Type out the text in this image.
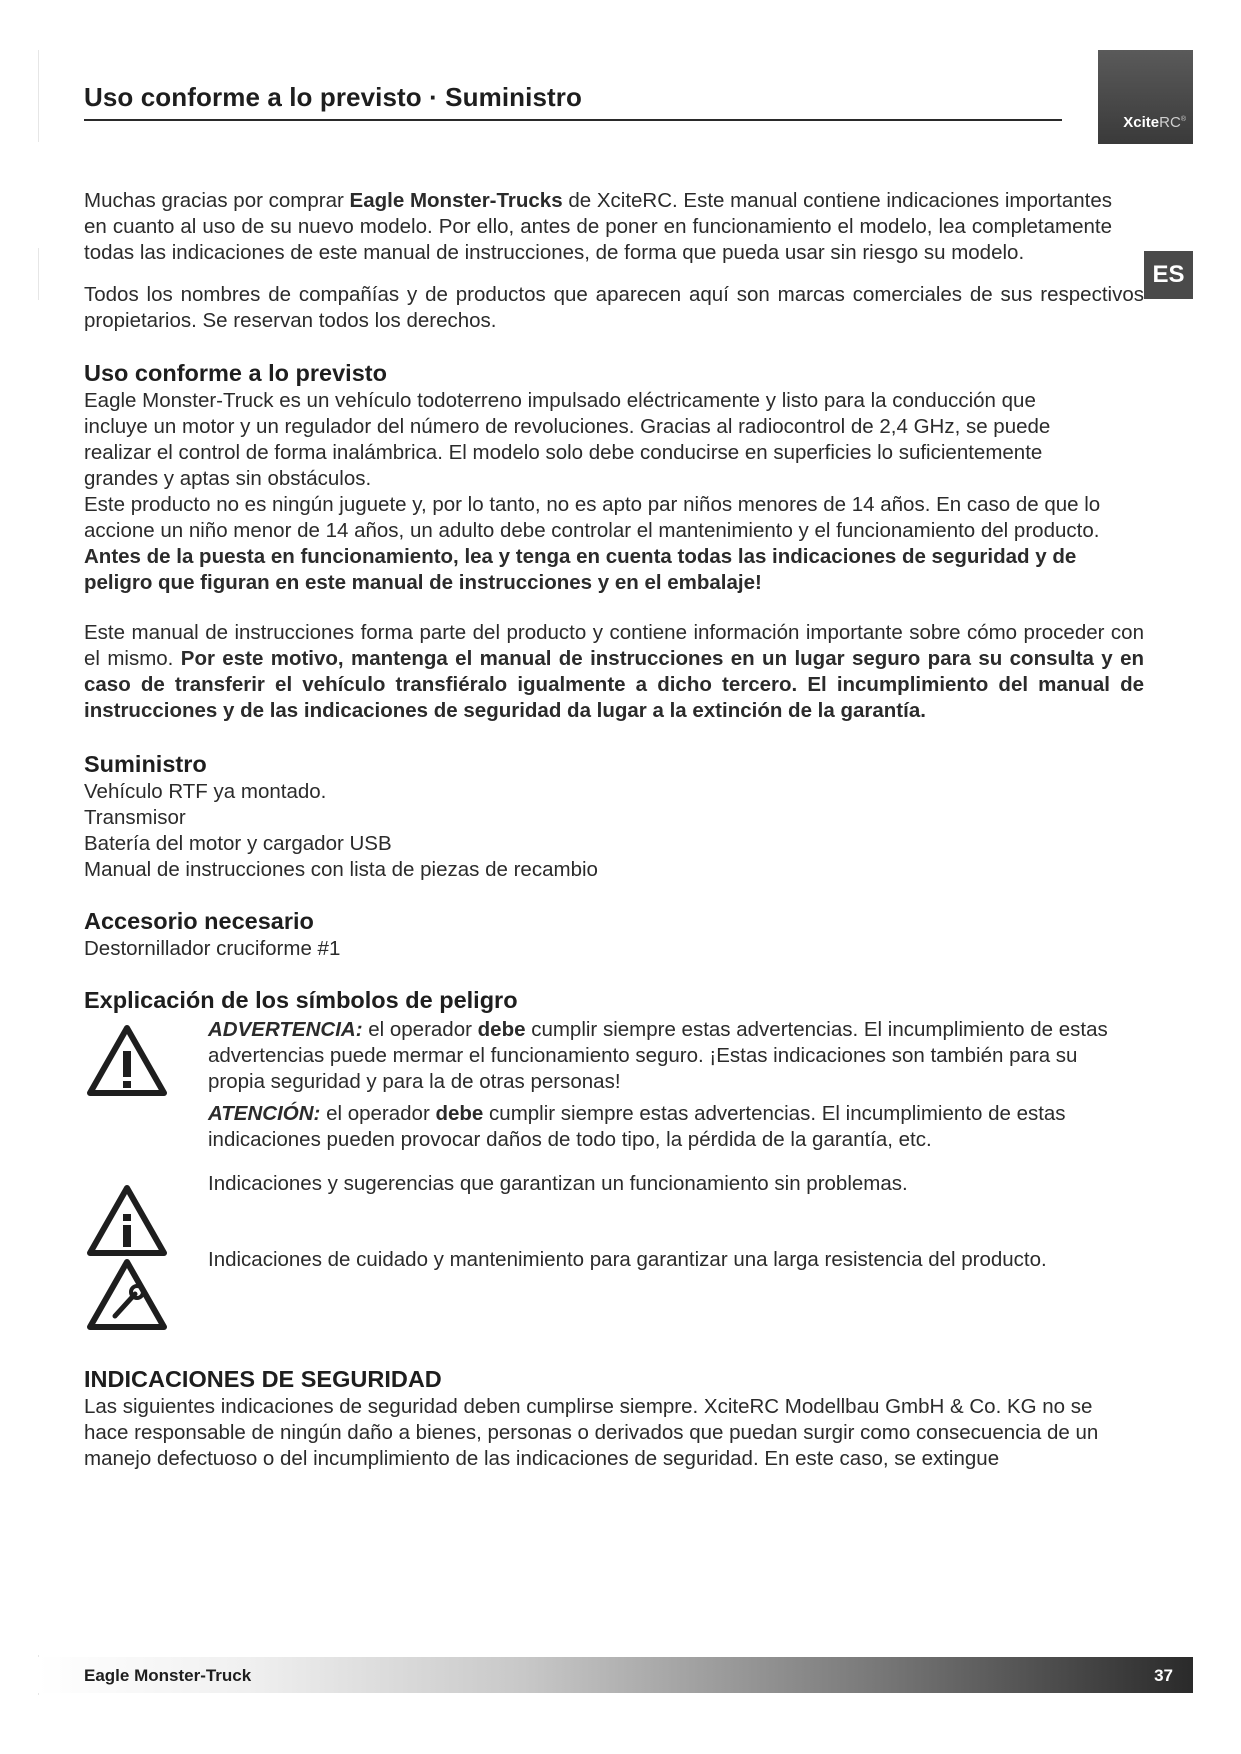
Uso conforme a lo previsto · Suministro
XciteRC®
ES

Muchas gracias por comprar Eagle Monster-Trucks de XciteRC. Este manual contiene indicaciones importantes en cuanto al uso de su nuevo modelo. Por ello, antes de poner en funcionamiento el modelo, lea completamente todas las indicaciones de este manual de instrucciones, de forma que pueda usar sin riesgo su modelo.

Todos los nombres de compañías y de productos que aparecen aquí son marcas comerciales de sus respectivos propietarios. Se reservan todos los derechos.

Uso conforme a lo previsto

Eagle Monster-Truck es un vehículo todoterreno impulsado eléctricamente y listo para la conducción que incluye un motor y un regulador del número de revoluciones. Gracias al radiocontrol de 2,4 GHz, se puede realizar el control de forma inalámbrica. El modelo solo debe conducirse en superficies lo suficientemente grandes y aptas sin obstáculos.

Este producto no es ningún juguete y, por lo tanto, no es apto par niños menores de 14 años. En caso de que lo accione un niño menor de 14 años, un adulto debe controlar el mantenimiento y el funcionamiento del producto.

Antes de la puesta en funcionamiento, lea y tenga en cuenta todas las indicaciones de seguridad y de peligro que figuran en este manual de instrucciones y en el embalaje!

Este manual de instrucciones forma parte del producto y contiene información importante sobre cómo proceder con el mismo. Por este motivo, mantenga el manual de instrucciones en un lugar seguro para su consulta y en caso de transferir el vehículo transfiéralo igualmente a dicho tercero. El incumplimiento del manual de instrucciones y de las indicaciones de seguridad da lugar a la extinción de la garantía.

Suministro

Vehículo RTF ya montado.

Transmisor

Batería del motor y cargador USB

Manual de instrucciones con lista de piezas de recambio

Accesorio necesario

Destornillador cruciforme #1

Explicación de los símbolos de peligro

ADVERTENCIA: el operador debe cumplir siempre estas advertencias. El incumplimiento de estas advertencias puede mermar el funcionamiento seguro. ¡Estas indicaciones son también para su propia seguridad y para la de otras personas!

ATENCIÓN: el operador debe cumplir siempre estas advertencias. El incumplimiento de estas indicaciones pueden provocar daños de todo tipo, la pérdida de la garantía, etc.

Indicaciones y sugerencias que garantizan un funcionamiento sin problemas.

Indicaciones de cuidado y mantenimiento para garantizar una larga resistencia del producto.

INDICACIONES DE SEGURIDAD

Las siguientes indicaciones de seguridad deben cumplirse siempre. XciteRC Modellbau GmbH & Co. KG no se hace responsable de ningún daño a bienes, personas o derivados que puedan surgir como consecuencia de un manejo defectuoso o del incumplimiento de las indicaciones de seguridad. En este caso, se extingue

Eagle Monster-Truck	37
